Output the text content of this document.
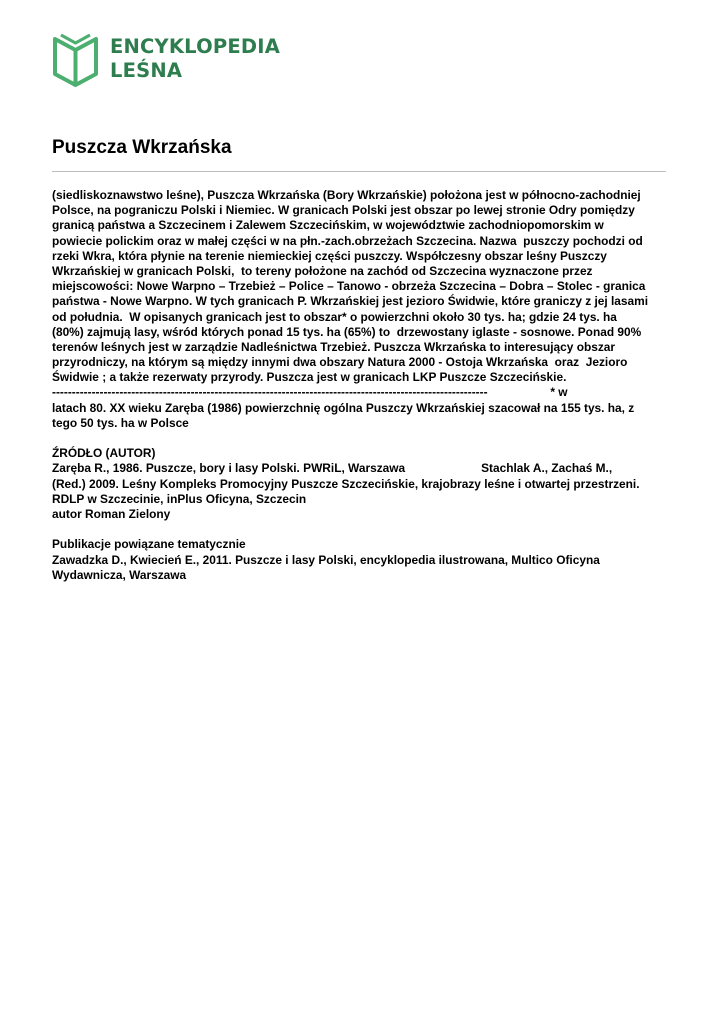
ENCYKLOPEDIA
LEŚNA
Puszcza Wkrzańska
(siedliskoznawstwo leśne), Puszcza Wkrzańska (Bory Wkrzańskie) położona jest w północno-zachodniej
Polsce, na pograniczu Polski i Niemiec. W granicach Polski jest obszar po lewej stronie Odry pomiędzy
granicą państwa a Szczecinem i Zalewem Szczecińskim, w województwie zachodniopomorskim w
powiecie polickim oraz w małej części w na płn.-zach.obrzeżach Szczecina. Nazwa  puszczy pochodzi od
rzeki Wkra, która płynie na terenie niemieckiej części puszczy. Współczesny obszar leśny Puszczy
Wkrzańskiej w granicach Polski,  to tereny położone na zachód od Szczecina wyznaczone przez
miejscowości: Nowe Warpno – Trzebież – Police – Tanowo - obrzeża Szczecina – Dobra – Stolec - granica
państwa - Nowe Warpno. W tych granicach P. Wkrzańskiej jest jezioro Świdwie, które graniczy z jej lasami
od południa.  W opisanych granicach jest to obszar* o powierzchni około 30 tys. ha; gdzie 24 tys. ha
(80%) zajmują lasy, wśród których ponad 15 tys. ha (65%) to  drzewostany iglaste - sosnowe. Ponad 90%
terenów leśnych jest w zarządzie Nadleśnictwa Trzebież. Puszcza Wkrzańska to interesujący obszar
przyrodniczy, na którym są między innymi dwa obszary Natura 2000 - Ostoja Wkrzańska  oraz  Jezioro
Świdwie ; a także rezerwaty przyrody. Puszcza jest w granicach LKP Puszcze Szczecińskie.
--------------------------------------------------------------------------------------------------------------                   * w
latach 80. XX wieku Zaręba (1986) powierzchnię ogólna Puszczy Wkrzańskiej szacował na 155 tys. ha, z
tego 50 tys. ha w Polsce
ŹRÓDŁO (AUTOR)
Zaręba R., 1986. Puszcze, bory i lasy Polski. PWRiL, Warszawa                       Stachlak A., Zachaś M.,
(Red.) 2009. Leśny Kompleks Promocyjny Puszcze Szczecińskie, krajobrazy leśne i otwartej przestrzeni.
RDLP w Szczecinie, inPlus Oficyna, Szczecin
autor Roman Zielony
Publikacje powiązane tematycznie
Zawadzka D., Kwiecień E., 2011. Puszcze i lasy Polski, encyklopedia ilustrowana, Multico Oficyna
Wydawnicza, Warszawa
